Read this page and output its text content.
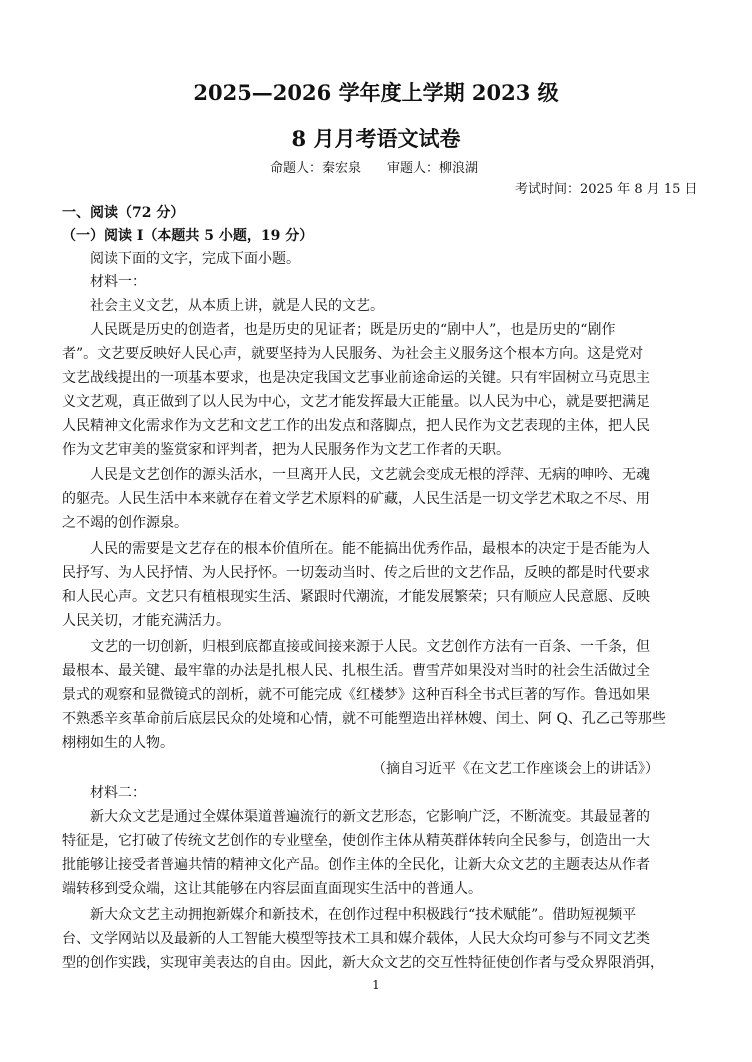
2025—2026 学年度上学期 2023 级
8 月月考语文试卷
命题人：秦宏泉　　审题人：柳浪湖
考试时间：2025 年 8 月 15 日
一、阅读（72 分）
（一）阅读 I（本题共 5 小题，19 分）
阅读下面的文字，完成下面小题。
材料一：
社会主义文艺，从本质上讲，就是人民的文艺。
人民既是历史的创造者，也是历史的见证者；既是历史的“剧中人”，也是历史的“剧作
者”。文艺要反映好人民心声，就要坚持为人民服务、为社会主义服务这个根本方向。这是党对
文艺战线提出的一项基本要求，也是决定我国文艺事业前途命运的关键。只有牢固树立马克思主
义文艺观，真正做到了以人民为中心，文艺才能发挥最大正能量。以人民为中心，就是要把满足
人民精神文化需求作为文艺和文艺工作的出发点和落脚点，把人民作为文艺表现的主体，把人民
作为文艺审美的鉴赏家和评判者，把为人民服务作为文艺工作者的天职。
人民是文艺创作的源头活水，一旦离开人民，文艺就会变成无根的浮萍、无病的呻吟、无魂
的躯壳。人民生活中本来就存在着文学艺术原料的矿藏，人民生活是一切文学艺术取之不尽、用
之不竭的创作源泉。
人民的需要是文艺存在的根本价值所在。能不能搞出优秀作品，最根本的决定于是否能为人
民抒写、为人民抒情、为人民抒怀。一切轰动当时、传之后世的文艺作品，反映的都是时代要求
和人民心声。文艺只有植根现实生活、紧跟时代潮流，才能发展繁荣；只有顺应人民意愿、反映
人民关切，才能充满活力。
文艺的一切创新，归根到底都直接或间接来源于人民。文艺创作方法有一百条、一千条，但
最根本、最关键、最牢靠的办法是扎根人民、扎根生活。曹雪芹如果没对当时的社会生活做过全
景式的观察和显微镜式的剖析，就不可能完成《红楼梦》这种百科全书式巨著的写作。鲁迅如果
不熟悉辛亥革命前后底层民众的处境和心情，就不可能塑造出祥林嫂、闰土、阿 Q、孔乙己等那些
栩栩如生的人物。
（摘自习近平《在文艺工作座谈会上的讲话》）
材料二：
新大众文艺是通过全媒体渠道普遍流行的新文艺形态，它影响广泛，不断流变。其最显著的
特征是，它打破了传统文艺创作的专业壁垒，使创作主体从精英群体转向全民参与，创造出一大
批能够让接受者普遍共情的精神文化产品。创作主体的全民化，让新大众文艺的主题表达从作者
端转移到受众端，这让其能够在内容层面直面现实生活中的普通人。
新大众文艺主动拥抱新媒介和新技术，在创作过程中积极践行“技术赋能”。借助短视频平
台、文学网站以及最新的人工智能大模型等技术工具和媒介载体，人民大众均可参与不同文艺类
型的创作实践，实现审美表达的自由。因此，新大众文艺的交互性特征使创作者与受众界限消弭，
1
